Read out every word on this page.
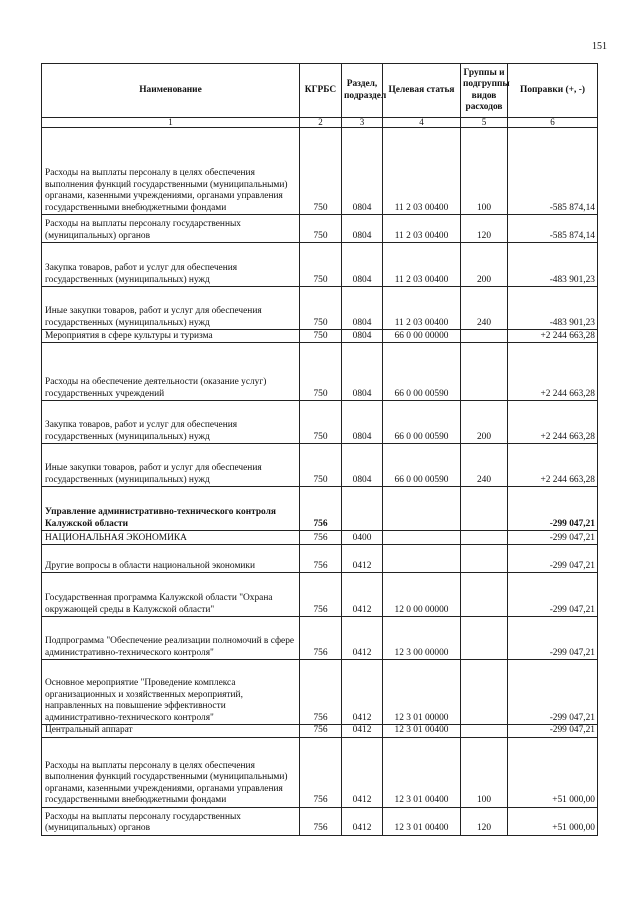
151
Наименование	КГРБС	Раздел, подраздел	Целевая статья	Группы и подгруппы видов расходов	Поправки (+, -)
1	2	3	4	5	6
Расходы на выплаты персоналу в целях обеспечения выполнения функций государственными (муниципальными) органами, казенными учреждениями, органами управления государственными внебюджетными фондами	750	0804	11 2 03 00400	100	-585 874,14
Расходы на выплаты персоналу государственных (муниципальных) органов	750	0804	11 2 03 00400	120	-585 874,14
Закупка товаров, работ и услуг для обеспечения государственных (муниципальных) нужд	750	0804	11 2 03 00400	200	-483 901,23
Иные закупки товаров, работ и услуг для обеспечения государственных (муниципальных) нужд	750	0804	11 2 03 00400	240	-483 901,23
Мероприятия в сфере культуры и туризма	750	0804	66 0 00 00000		+2 244 663,28
Расходы на обеспечение деятельности (оказание услуг) государственных учреждений	750	0804	66 0 00 00590		+2 244 663,28
Закупка товаров, работ и услуг для обеспечения государственных (муниципальных) нужд	750	0804	66 0 00 00590	200	+2 244 663,28
Иные закупки товаров, работ и услуг для обеспечения государственных (муниципальных) нужд	750	0804	66 0 00 00590	240	+2 244 663,28
Управление административно-технического контроля Калужской области	756				-299 047,21
НАЦИОНАЛЬНАЯ ЭКОНОМИКА	756	0400			-299 047,21
Другие вопросы в области национальной экономики	756	0412			-299 047,21
Государственная программа Калужской области "Охрана окружающей среды в Калужской области"	756	0412	12 0 00 00000		-299 047,21
Подпрограмма "Обеспечение реализации полномочий в сфере административно-технического контроля"	756	0412	12 3 00 00000		-299 047,21
Основное мероприятие "Проведение комплекса организационных и хозяйственных мероприятий, направленных на повышение эффективности административно-технического контроля"	756	0412	12 3 01 00000		-299 047,21
Центральный аппарат	756	0412	12 3 01 00400		-299 047,21
Расходы на выплаты персоналу в целях обеспечения выполнения функций государственными (муниципальными) органами, казенными учреждениями, органами управления государственными внебюджетными фондами	756	0412	12 3 01 00400	100	+51 000,00
Расходы на выплаты персоналу государственных (муниципальных) органов	756	0412	12 3 01 00400	120	+51 000,00
